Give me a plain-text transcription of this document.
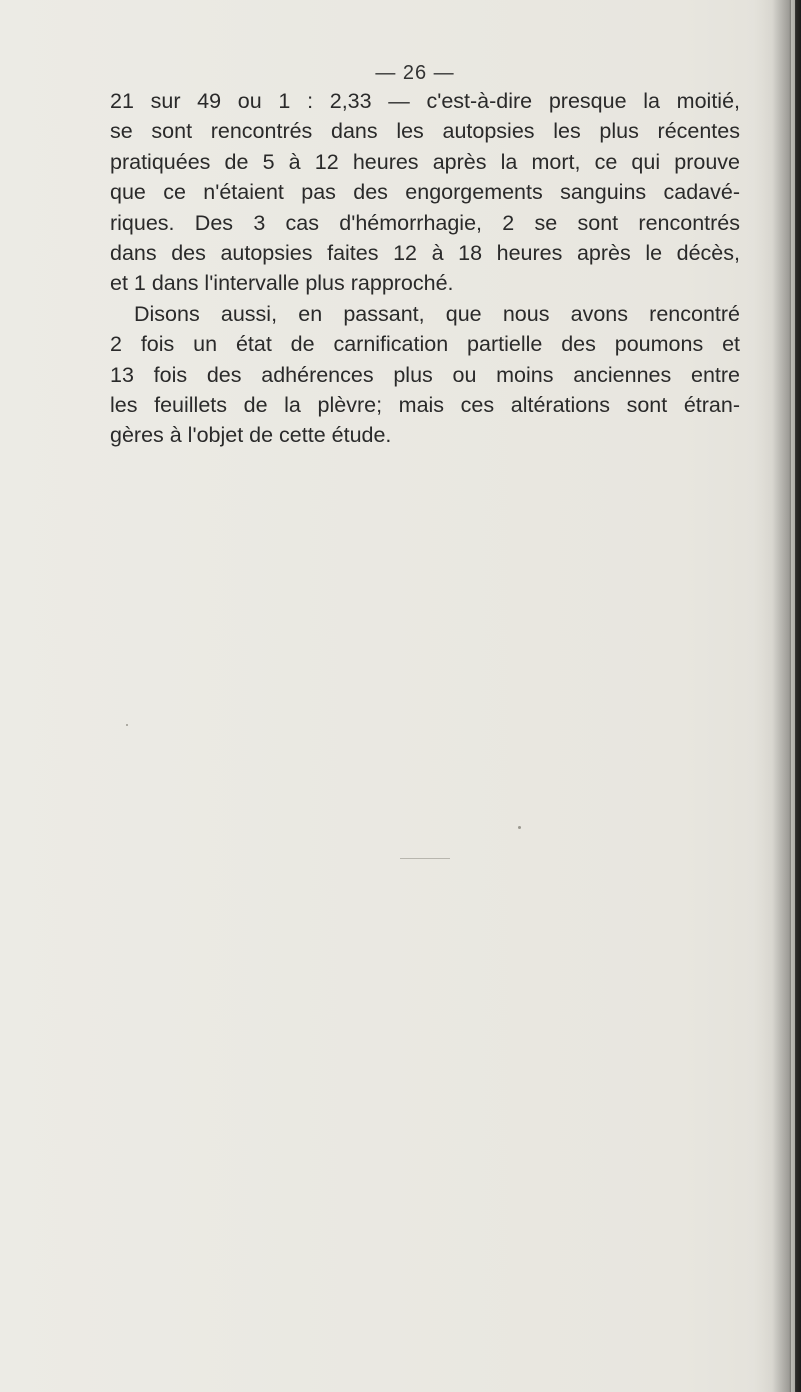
— 26 —
21 sur 49 ou 1 : 2,33 — c'est-à-dire presque la moitié,
se sont rencontrés dans les autopsies les plus récentes
pratiquées de 5 à 12 heures après la mort, ce qui prouve
que ce n'étaient pas des engorgements sanguins cadavé-
riques. Des 3 cas d'hémorrhagie, 2 se sont rencontrés
dans des autopsies faites 12 à 18 heures après le décès,
et 1 dans l'intervalle plus rapproché.
Disons aussi, en passant, que nous avons rencontré
2 fois un état de carnification partielle des poumons et
13 fois des adhérences plus ou moins anciennes entre
les feuillets de la plèvre; mais ces altérations sont étran-
gères à l'objet de cette étude.
